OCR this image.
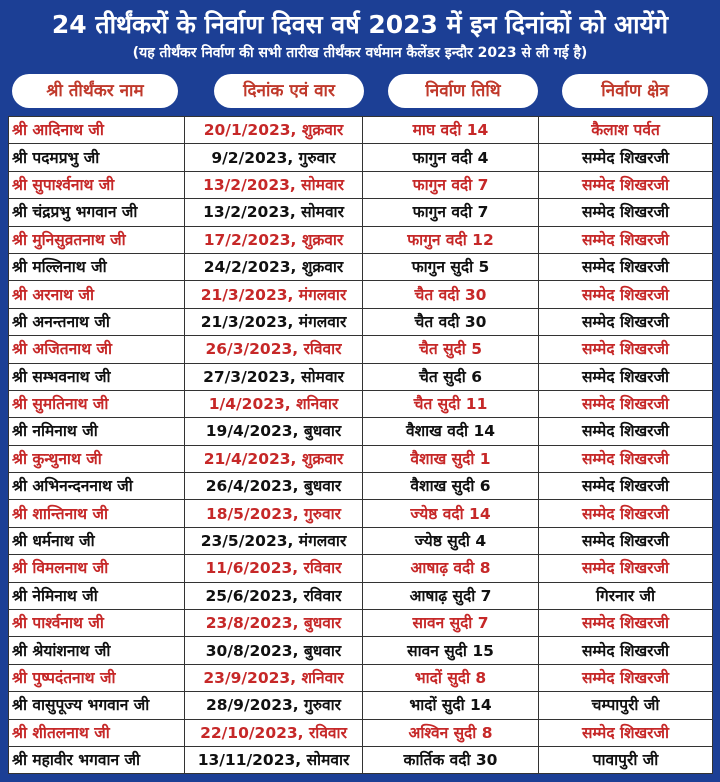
24 तीर्थंकरों के निर्वाण दिवस वर्ष 2023 में इन दिनांकों को आयेंगे
(यह तीर्थंकर निर्वाण की सभी तारीख तीर्थंकर वर्धमान कैलेंडर इन्दौर 2023 से ली गई है)
श्री तीर्थंकर नाम	दिनांक एवं वार	निर्वाण तिथि	निर्वाण क्षेत्र
श्री आदिनाथ जी	20/1/2023, शुक्रवार	माघ वदी 14	कैलाश पर्वत
श्री पदमप्रभु जी	9/2/2023, गुरुवार	फागुन वदी 4	सम्मेद शिखरजी
श्री सुपार्श्वनाथ जी	13/2/2023, सोमवार	फागुन वदी 7	सम्मेद शिखरजी
श्री चंद्रप्रभु भगवान जी	13/2/2023, सोमवार	फागुन वदी 7	सम्मेद शिखरजी
श्री मुनिसुव्रतनाथ जी	17/2/2023, शुक्रवार	फागुन वदी 12	सम्मेद शिखरजी
श्री मल्लिनाथ जी	24/2/2023, शुक्रवार	फागुन सुदी 5	सम्मेद शिखरजी
श्री अरनाथ जी	21/3/2023, मंगलवार	चैत वदी 30	सम्मेद शिखरजी
श्री अनन्तनाथ जी	21/3/2023, मंगलवार	चैत वदी 30	सम्मेद शिखरजी
श्री अजितनाथ जी	26/3/2023, रविवार	चैत सुदी 5	सम्मेद शिखरजी
श्री सम्भवनाथ जी	27/3/2023, सोमवार	चैत सुदी 6	सम्मेद शिखरजी
श्री सुमतिनाथ जी	1/4/2023, शनिवार	चैत सुदी 11	सम्मेद शिखरजी
श्री नमिनाथ जी	19/4/2023, बुधवार	वैशाख वदी 14	सम्मेद शिखरजी
श्री कुन्थुनाथ जी	21/4/2023, शुक्रवार	वैशाख सुदी 1	सम्मेद शिखरजी
श्री अभिनन्दननाथ जी	26/4/2023, बुधवार	वैशाख सुदी 6	सम्मेद शिखरजी
श्री शान्तिनाथ जी	18/5/2023, गुरुवार	ज्येष्ठ वदी 14	सम्मेद शिखरजी
श्री धर्मनाथ जी	23/5/2023, मंगलवार	ज्येष्ठ सुदी 4	सम्मेद शिखरजी
श्री विमलनाथ जी	11/6/2023, रविवार	आषाढ़ वदी 8	सम्मेद शिखरजी
श्री नेमिनाथ जी	25/6/2023, रविवार	आषाढ़ सुदी 7	गिरनार जी
श्री पार्श्वनाथ जी	23/8/2023, बुधवार	सावन सुदी 7	सम्मेद शिखरजी
श्री श्रेयांशनाथ जी	30/8/2023, बुधवार	सावन सुदी 15	सम्मेद शिखरजी
श्री पुष्पदंतनाथ जी	23/9/2023, शनिवार	भादों सुदी 8	सम्मेद शिखरजी
श्री वासुपूज्य भगवान जी	28/9/2023, गुरुवार	भादों सुदी 14	चम्पापुरी जी
श्री शीतलनाथ जी	22/10/2023, रविवार	अश्विन सुदी 8	सम्मेद शिखरजी
श्री महावीर भगवान जी	13/11/2023, सोमवार	कार्तिक वदी 30	पावापुरी जी
